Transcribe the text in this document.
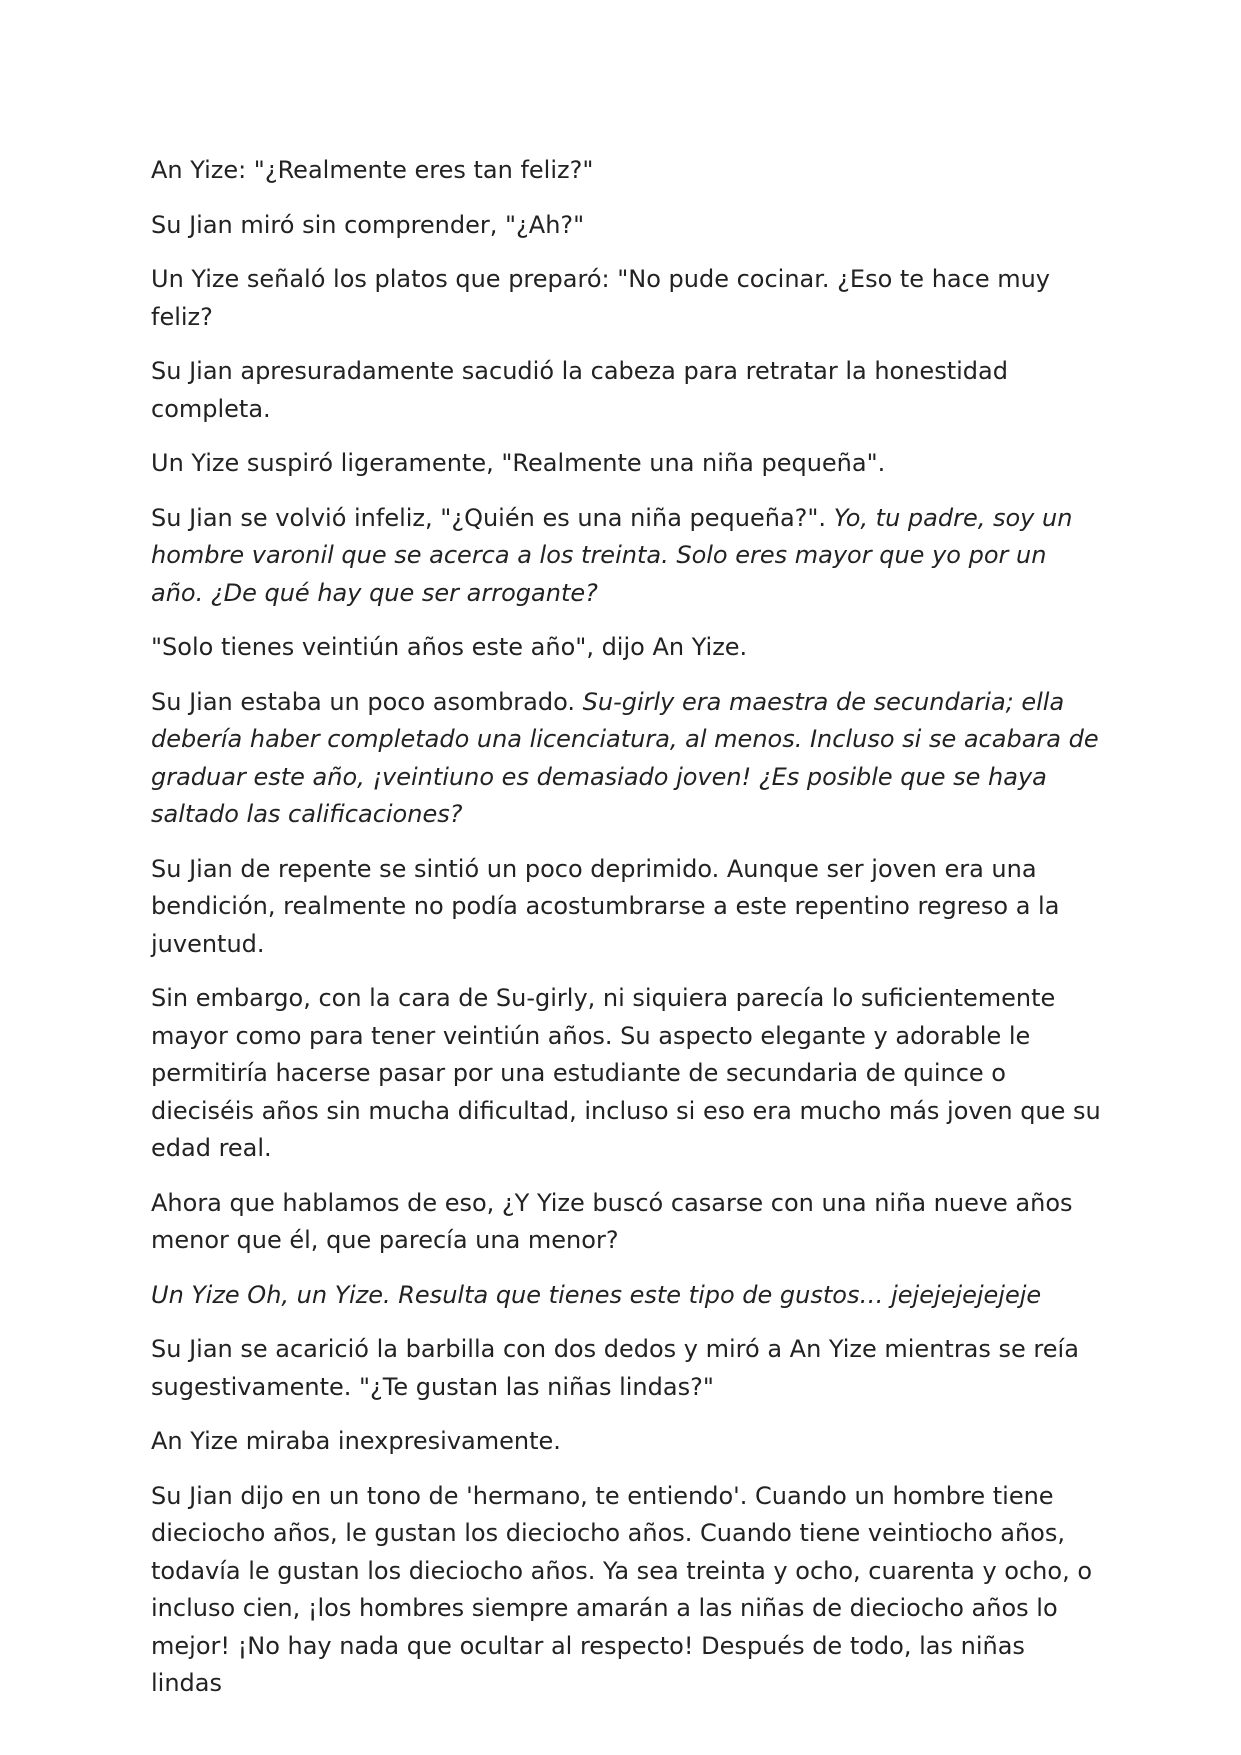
An Yize: "¿Realmente eres tan feliz?"

Su Jian miró sin comprender, "¿Ah?"

Un Yize señaló los platos que preparó: "No pude cocinar. ¿Eso te hace muy feliz?

Su Jian apresuradamente sacudió la cabeza para retratar la honestidad completa.

Un Yize suspiró ligeramente, "Realmente una niña pequeña".

Su Jian se volvió infeliz, "¿Quién es una niña pequeña?". Yo, tu padre, soy un hombre varonil que se acerca a los treinta. Solo eres mayor que yo por un año. ¿De qué hay que ser arrogante?

"Solo tienes veintiún años este año", dijo An Yize.

Su Jian estaba un poco asombrado. Su-girly era maestra de secundaria; ella debería haber completado una licenciatura, al menos. Incluso si se acabara de graduar este año, ¡veintiuno es demasiado joven! ¿Es posible que se haya saltado las calificaciones?

Su Jian de repente se sintió un poco deprimido. Aunque ser joven era una bendición, realmente no podía acostumbrarse a este repentino regreso a la juventud.

Sin embargo, con la cara de Su-girly, ni siquiera parecía lo suficientemente mayor como para tener veintiún años. Su aspecto elegante y adorable le permitiría hacerse pasar por una estudiante de secundaria de quince o dieciséis años sin mucha dificultad, incluso si eso era mucho más joven que su edad real.

Ahora que hablamos de eso, ¿Y Yize buscó casarse con una niña nueve años menor que él, que parecía una menor?

Un Yize Oh, un Yize. Resulta que tienes este tipo de gustos… jejejejejejeje

Su Jian se acarició la barbilla con dos dedos y miró a An Yize mientras se reía sugestivamente. "¿Te gustan las niñas lindas?"

An Yize miraba inexpresivamente.

Su Jian dijo en un tono de 'hermano, te entiendo'. Cuando un hombre tiene dieciocho años, le gustan los dieciocho años. Cuando tiene veintiocho años, todavía le gustan los dieciocho años. Ya sea treinta y ocho, cuarenta y ocho, o incluso cien, ¡los hombres siempre amarán a las niñas de dieciocho años lo mejor! ¡No hay nada que ocultar al respecto! Después de todo, las niñas lindas
